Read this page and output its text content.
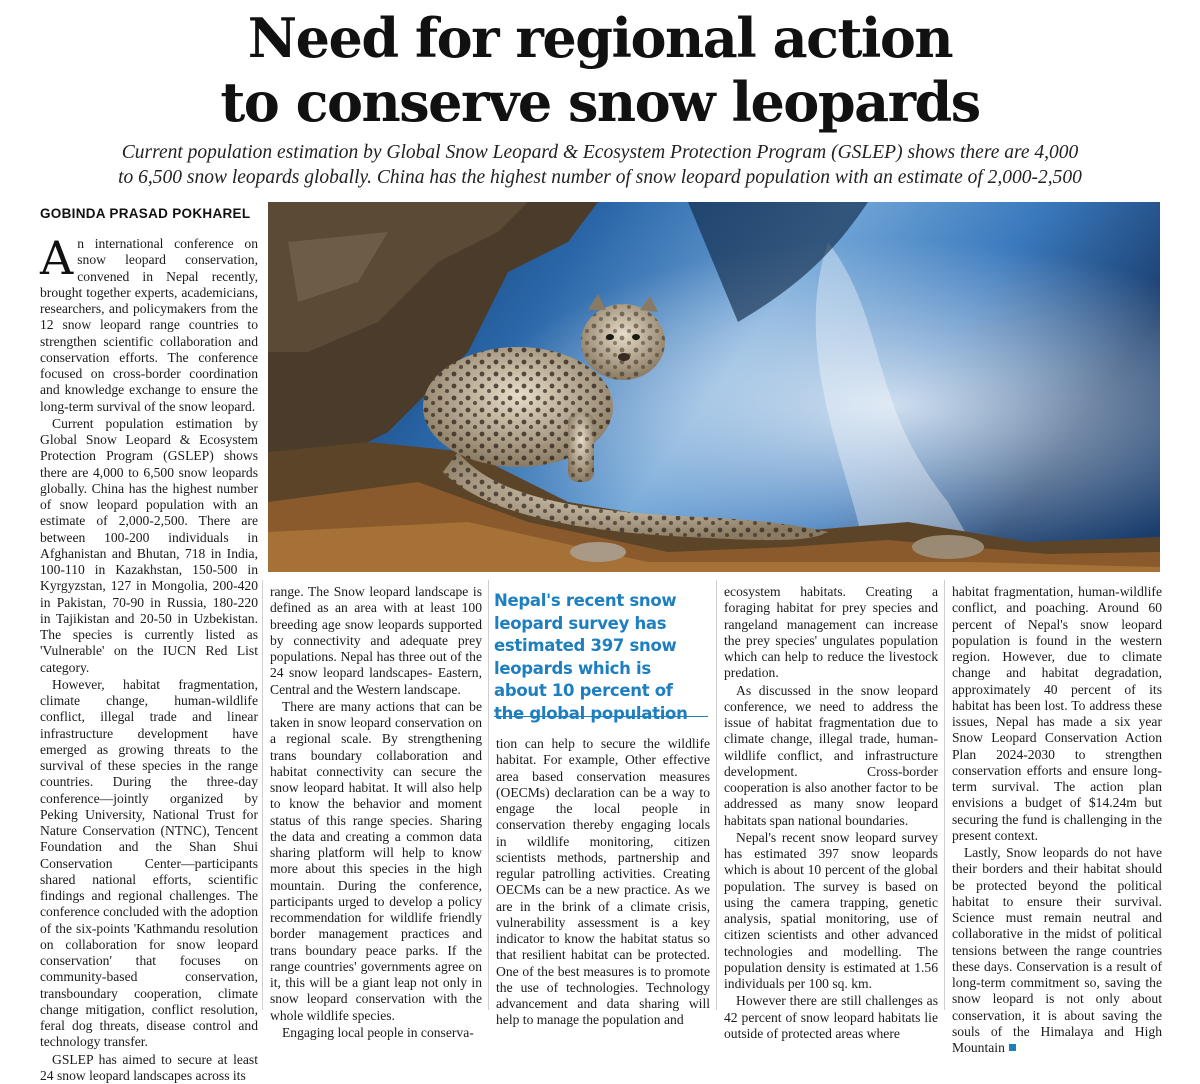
Need for regional action
to conserve snow leopards
Current population estimation by Global Snow Leopard & Ecosystem Protection Program (GSLEP) shows there are 4,000
to 6,500 snow leopards globally. China has the highest number of snow leopard population with an estimate of 2,000-2,500
GOBINDA PRASAD POKHAREL

An international conference on snow leopard conservation, convened in Nepal recently, brought together experts, academicians, researchers, and policymakers from the 12 snow leopard range countries to strengthen scientific collaboration and conservation efforts. The conference focused on cross-border coordination and knowledge exchange to ensure the long-term survival of the snow leopard.

Current population estimation by Global Snow Leopard & Ecosystem Protection Program (GSLEP) shows there are 4,000 to 6,500 snow leopards globally. China has the highest number of snow leopard population with an estimate of 2,000-2,500. There are between 100-200 individuals in Afghanistan and Bhutan, 718 in India, 100-110 in Kazakhstan, 150-500 in Kyrgyzstan, 127 in Mongolia, 200-420 in Pakistan, 70-90 in Russia, 180-220 in Tajikistan and 20-50 in Uzbekistan. The species is currently listed as 'Vulnerable' on the IUCN Red List category.

However, habitat fragmentation, climate change, human-wildlife conflict, illegal trade and linear infrastructure development have emerged as growing threats to the survival of these species in the range countries. During the three-day conference—jointly organized by Peking University, National Trust for Nature Conservation (NTNC), Tencent Foundation and the Shan Shui Conservation Center—participants shared national efforts, scientific findings and regional challenges. The conference concluded with the adoption of the six-points 'Kathmandu resolution on collaboration for snow leopard conservation' that focuses on community-based conservation, transboundary cooperation, climate change mitigation, conflict resolution, feral dog threats, disease control and technology transfer.

GSLEP has aimed to secure at least 24 snow leopard landscapes across its

range. The Snow leopard landscape is defined as an area with at least 100 breeding age snow leopards supported by connectivity and adequate prey populations. Nepal has three out of the 24 snow leopard landscapes- Eastern, Central and the Western landscape.

There are many actions that can be taken in snow leopard conservation on a regional scale. By strengthening trans boundary collaboration and habitat connectivity can secure the snow leopard habitat. It will also help to know the behavior and moment status of this range species. Sharing the data and creating a common data sharing platform will help to know more about this species in the high mountain. During the conference, participants urged to develop a policy recommendation for wildlife friendly border management practices and trans boundary peace parks. If the range countries' governments agree on it, this will be a giant leap not only in snow leopard conservation with the whole wildlife species.

Engaging local people in conserva-

Nepal's recent snow leopard survey has estimated 397 snow leopards which is about 10 percent of the global population

tion can help to secure the wildlife habitat. For example, Other effective area based conservation measures (OECMs) declaration can be a way to engage the local people in conservation thereby engaging locals in wildlife monitoring, citizen scientists methods, partnership and regular patrolling activities. Creating OECMs can be a new practice. As we are in the brink of a climate crisis, vulnerability assessment is a key indicator to know the habitat status so that resilient habitat can be protected. One of the best measures is to promote the use of technologies. Technology advancement and data sharing will help to manage the population and

ecosystem habitats. Creating a foraging habitat for prey species and rangeland management can increase the prey species' ungulates population which can help to reduce the livestock predation.

As discussed in the snow leopard conference, we need to address the issue of habitat fragmentation due to climate change, illegal trade, human-wildlife conflict, and infrastructure development. Cross-border cooperation is also another factor to be addressed as many snow leopard habitats span national boundaries.

Nepal's recent snow leopard survey has estimated 397 snow leopards which is about 10 percent of the global population. The survey is based on using the camera trapping, genetic analysis, spatial monitoring, use of citizen scientists and other advanced technologies and modelling. The population density is estimated at 1.56 individuals per 100 sq. km.

However there are still challenges as 42 percent of snow leopard habitats lie outside of protected areas where

habitat fragmentation, human-wildlife conflict, and poaching. Around 60 percent of Nepal's snow leopard population is found in the western region. However, due to climate change and habitat degradation, approximately 40 percent of its habitat has been lost. To address these issues, Nepal has made a six year Snow Leopard Conservation Action Plan 2024-2030 to strengthen conservation efforts and ensure long-term survival. The action plan envisions a budget of $14.24m but securing the fund is challenging in the present context.

Lastly, Snow leopards do not have their borders and their habitat should be protected beyond the political habitat to ensure their survival. Science must remain neutral and collaborative in the midst of political tensions between the range countries these days. Conservation is a result of long-term commitment so, saving the snow leopard is not only about conservation, it is about saving the souls of the Himalaya and High Mountain
